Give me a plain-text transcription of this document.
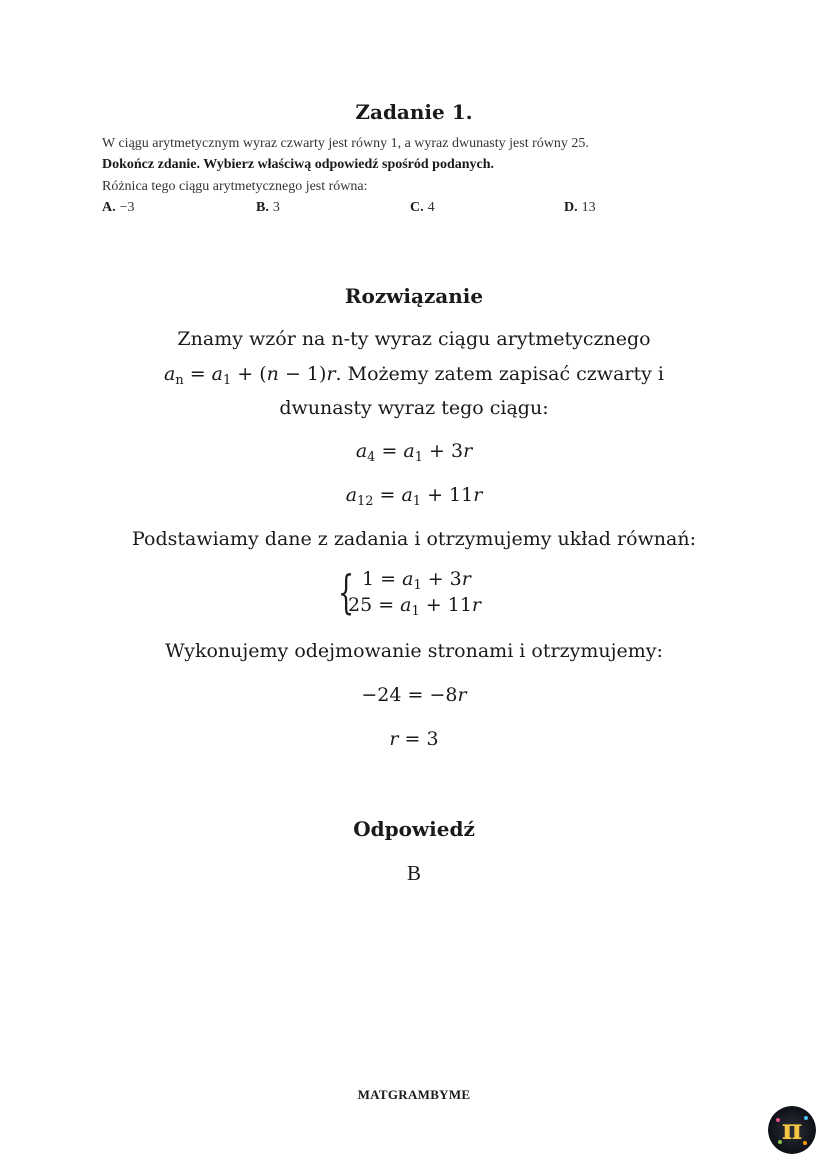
Zadanie 1.
W ciągu arytmetycznym wyraz czwarty jest równy 1, a wyraz dwunasty jest równy 25.
Dokończ zdanie. Wybierz właściwą odpowiedź spośród podanych.
Różnica tego ciągu arytmetycznego jest równa:
A. −3	B. 3	C. 4	D. 13
Rozwiązanie
Znamy wzór na n-ty wyraz ciągu arytmetycznego
$a_n = a_1 + (n - 1)r$. Możemy zatem zapisać czwarty i
dwunasty wyraz tego ciągu:
$a_4 = a_1 + 3r$
$a_{12} = a_1 + 11r$
Podstawiamy dane z zadania i otrzymujemy układ równań:
{ $1 = a_1 + 3r$
$25 = a_1 + 11r$
Wykonujemy odejmowanie stronami i otrzymujemy:
−24 = −8r
r = 3
Odpowiedź
B
MATGRAMBYME
π
